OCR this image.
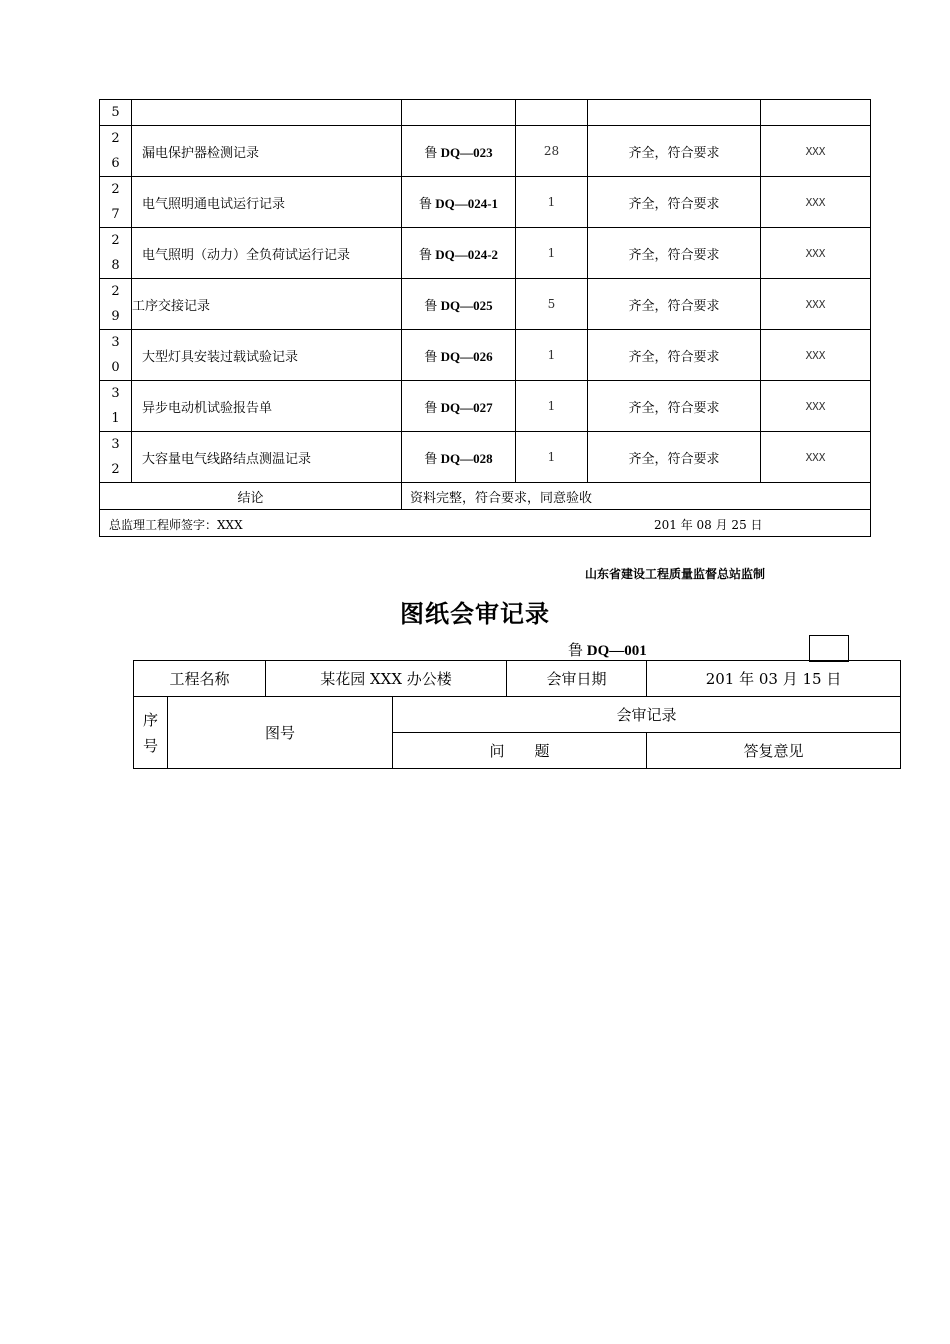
5					
2
6	漏电保护器检测记录	鲁 DQ—023	28	齐全，符合要求	XXX
2
7	电气照明通电试运行记录	鲁 DQ—024-1	1	齐全，符合要求	XXX
2
8	电气照明（动力）全负荷试运行记录	鲁 DQ—024-2	1	齐全，符合要求	XXX
2
9	工序交接记录	鲁 DQ—025	5	齐全，符合要求	XXX
3
0	大型灯具安装过载试验记录	鲁 DQ—026	1	齐全，符合要求	XXX
3
1	异步电动机试验报告单	鲁 DQ—027	1	齐全，符合要求	XXX
3
2	大容量电气线路结点测温记录	鲁 DQ—028	1	齐全，符合要求	XXX
结论		资料完整，符合要求，同意验收			

总监理工程师签字：XXX 201 年 08 月 25 日					
山东省建设工程质量监督总站监制
图纸会审记录
鲁 DQ—001
工程名称		某花园 XXX 办公楼		会审日期	201 年 03 月 15 日
序
号	图号		会审记录		
			问　　题		答复意见
